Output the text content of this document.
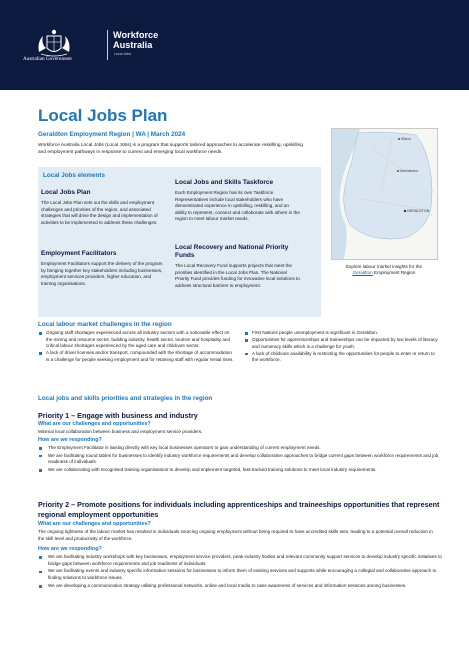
Australian Government
Workforce
Australia
Local Jobs
Local Jobs Plan
Geraldton Employment Region | WA | March 2024
Workforce Australia Local Jobs (Local Jobs) is a program that supports tailored approaches to accelerate reskilling, upskilling and employment pathways in response to current and emerging local workforce needs.
Local Jobs elements
Local Jobs Plan

The Local Jobs Plan sets out the skills and employment challenges and priorities of the region, and associated strategies that will drive the design and implementation of activities to be implemented to address these challenges.

Employment Facilitators

Employment Facilitators support the delivery of the program by bringing together key stakeholders including businesses, employment services providers, higher education, and training organisations.

Local Jobs and Skills Taskforce

Each Employment Region has its own Taskforce. Representatives include local stakeholders who have demonstrated experience in upskilling, reskilling, and an ability to represent, connect and collaborate with others in the region to meet labour market needs.

Local Recovery and National Priority Funds

The Local Recovery Fund supports projects that meet the priorities identified in the Local Jobs Plan. The National Priority Fund provides funding for innovative local solutions to address structural barriers to employment.

Wiluna
Meekatharra
GERALDTON
Explore labour market insights for the
Geraldton Employment Region
Local labour market challenges in the region
Ongoing staff shortages experienced across all industry sectors with a noticeable effect on the mining and resource sector, building industry, health sector, tourism and hospitality and critical labour shortages experienced by the aged care and childcare sector.
A lack of driver licenses and/or transport, compounded with the shortage of accommodation is a challenge for people seeking employment and for retaining staff with regular rental rises.
First Nations people unemployment is significant in Geraldton.
Opportunities for apprenticeships and traineeships can be impacted by low levels of literacy and numeracy skills which is a challenge for youth.
A lack of childcare availability is restricting the opportunities for people to enter or return to the workforce.
Local jobs and skills priorities and strategies in the region
Priority 1 – Engage with business and industry
What are our challenges and opportunities?
Minimal local collaboration between business and employment service providers.
How are we responding?
The Employment Facilitator is liaising directly with key local businesses operators to gain understanding of current employment needs.
We are facilitating round tables for businesses to identify industry workforce requirements and develop collaborative approaches to bridge current gaps between workforce requirements and job readiness of individuals.
We are collaborating with recognised training organisations to develop and implement targeted, fast-tracked training solutions to meet local industry requirements.
Priority 2 – Promote positions for individuals including apprenticeships and traineeships opportunities that represent regional employment opportunities
What are our challenges and opportunities?
The ongoing tightness of the labour market has resulted in individuals sourcing ongoing employment without being required to have accredited skills sets, leading to a potential overall reduction in the skill level and productivity of the workforce.
How are we responding?
We are facilitating industry workshops with key businesses, employment service providers, peak industry bodies and relevant community support services to develop industry specific initiatives to bridge gaps between workforce requirements and job readiness of individuals.
We are facilitating events and industry specific information sessions for businesses to inform them of existing services and supports while encouraging a collegial and collaborative approach to finding solutions to workforce issues.
We are developing a communication strategy utilising professional networks, online and local media to raise awareness of services and information sessions among businesses.
